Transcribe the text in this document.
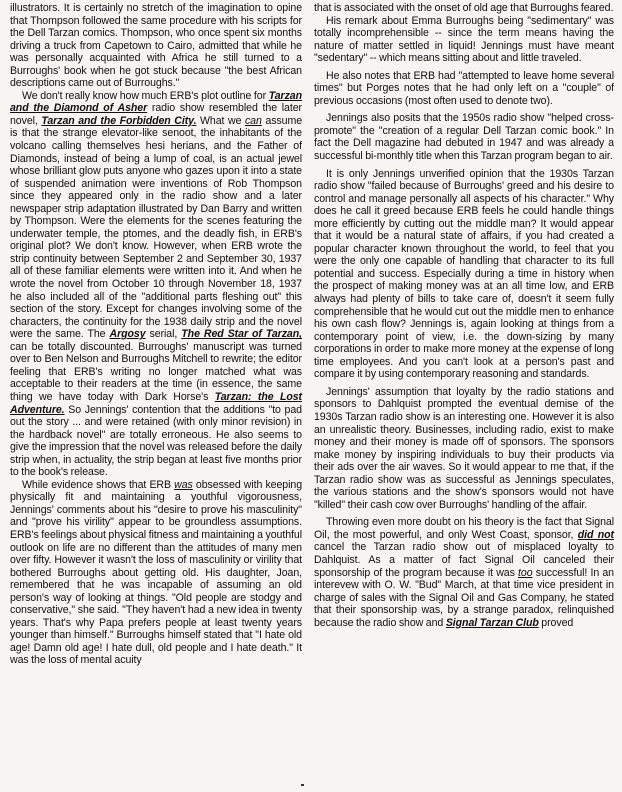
illustrators. It is certainly no stretch of the imagination to opine that Thompson followed the same procedure with his scripts for the Dell Tarzan comics. Thompson, who once spent six months driving a truck from Capetown to Cairo, admitted that while he was personally acquainted with Africa he still turned to a Burroughs' book when he got stuck because "the best African descriptions came out of Burroughs."

We don't really know how much ERB's plot outline for Tarzan and the Diamond of Asher radio show resembled the later novel, Tarzan and the Forbidden City. What we can assume is that the strange elevator-like senoot, the inhabitants of the volcano calling themselves hesi herians, and the Father of Diamonds, instead of being a lump of coal, is an actual jewel whose brilliant glow puts anyone who gazes upon it into a state of suspended animation were inventions of Rob Thompson since they appeared only in the radio show and a later newspaper strip adaptation illustrated by Dan Barry and written by Thompson. Were the elements for the scenes featuring the underwater temple, the ptomes, and the deadly fish, in ERB's original plot? We don't know. However, when ERB wrote the strip continuity between September 2 and September 30, 1937 all of these familiar elements were written into it. And when he wrote the novel from October 10 through November 18, 1937 he also included all of the "additional parts fleshing out" this section of the story. Except for changes involving some of the characters, the continuity for the 1938 daily strip and the novel were the same. The Argosy serial, The Red Star of Tarzan, can be totally discounted. Burroughs' manuscript was turned over to Ben Nelson and Burroughs Mitchell to rewrite; the editor feeling that ERB's writing no longer matched what was acceptable to their readers at the time (in essence, the same thing we have today with Dark Horse's Tarzan: the Lost Adventure. So Jennings' contention that the additions "to pad out the story ... and were retained (with only minor revision) in the hardback novel" are totally erroneous. He also seems to give the impression that the novel was released before the daily strip when, in actuality, the strip began at least five months prior to the book's release.

While evidence shows that ERB was obsessed with keeping physically fit and maintaining a youthful vigorousness, Jennings' comments about his "desire to prove his masculinity" and "prove his virility" appear to be groundless assumptions. ERB's feelings about physical fitness and maintaining a youthful outlook on life are no different than the attitudes of many men over fifty. However it wasn't the loss of masculinity or virility that bothered Burroughs about getting old. His daughter, Joan, remembered that he was incapable of assuming an old person's way of looking at things. "Old people are stodgy and conservative," she said. "They haven't had a new idea in twenty years. That's why Papa prefers people at least twenty years younger than himself." Burroughs himself stated that "I hate old age! Damn old age! I hate dull, old people and I hate death." It was the loss of mental acuity

that is associated with the onset of old age that Burroughs feared.

His remark about Emma Burroughs being "sedimentary" was totally incomprehensible -- since the term means having the nature of matter settled in liquid! Jennings must have meant "sedentary" -- which means sitting about and little traveled.

He also notes that ERB had "attempted to leave home several times" but Porges notes that he had only left on a "couple" of previous occasions (most often used to denote two).

Jennings also posits that the 1950s radio show "helped cross-promote" the "creation of a regular Dell Tarzan comic book." In fact the Dell magazine had debuted in 1947 and was already a successful bi-monthly title when this Tarzan program began to air.

It is only Jennings unverified opinion that the 1930s Tarzan radio show "failed because of Burroughs' greed and his desire to control and manage personally all aspects of his character." Why does he call it greed because ERB feels he could handle things more efficiently by cutting out the middle man? It would appear that it would be a natural state of affairs, if you had created a popular character known throughout the world, to feel that you were the only one capable of handling that character to its full potential and success. Especially during a time in history when the prospect of making money was at an all time low, and ERB always had plenty of bills to take care of, doesn't it seem fully comprehensible that he would cut out the middle men to enhance his own cash flow? Jennings is, again looking at things from a contemporary point of view, i.e. the down-sizing by many corporations in order to make more money at the expense of long time employees. And you can't look at a person's past and compare it by using contemporary reasoning and standards.

Jennings' assumption that loyalty by the radio stations and sponsors to Dahlquist prompted the eventual demise of the 1930s Tarzan radio show is an interesting one. However it is also an unrealistic theory. Businesses, including radio, exist to make money and their money is made off of sponsors. The sponsors make money by inspiring individuals to buy their products via their ads over the air waves. So it would appear to me that, if the Tarzan radio show was as successful as Jennings speculates, the various stations and the show's sponsors would not have "killed" their cash cow over Burroughs' handling of the affair.

Throwing even more doubt on his theory is the fact that Signal Oil, the most powerful, and only West Coast, sponsor, did not cancel the Tarzan radio show out of misplaced loyalty to Dahlquist. As a matter of fact Signal Oil canceled their sponsorship of the program because it was too successful! In an interevew with O. W. "Bud" March, at that time vice president in charge of sales with the Signal Oil and Gas Company, he stated that their sponsorship was, by a strange paradox, relinquished because the radio show and Signal Tarzan Club proved
